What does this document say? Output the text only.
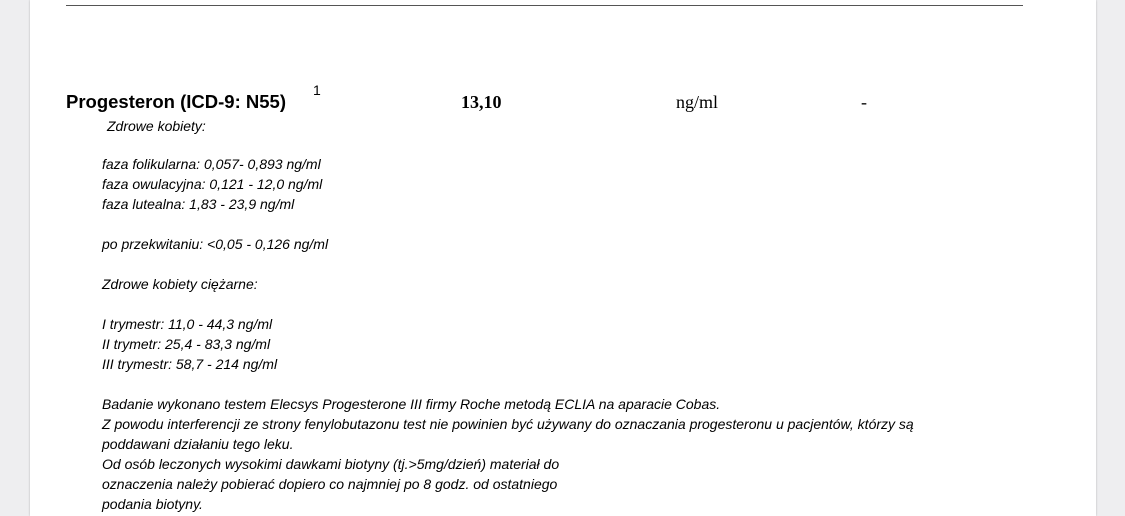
Progesteron (ICD-9: N55)
1
13,10	ng/ml	-
Zdrowe kobiety:
faza folikularna: 0,057- 0,893 ng/ml
faza owulacyjna: 0,121 - 12,0 ng/ml
faza lutealna: 1,83 - 23,9 ng/ml
po przekwitaniu: <0,05 - 0,126 ng/ml
Zdrowe kobiety ciężarne:
I trymestr: 11,0 - 44,3 ng/ml
II trymetr: 25,4 - 83,3 ng/ml
III trymestr: 58,7 - 214 ng/ml
Badanie wykonano testem Elecsys Progesterone III firmy Roche metodą ECLIA na aparacie Cobas.
Z powodu interferencji ze strony fenylobutazonu test nie powinien być używany do oznaczania progesteronu u pacjentów, którzy są
poddawani działaniu tego leku.
Od osób leczonych wysokimi dawkami biotyny (tj.>5mg/dzień) materiał do
oznaczenia należy pobierać dopiero co najmniej po 8 godz. od ostatniego
podania biotyny.
